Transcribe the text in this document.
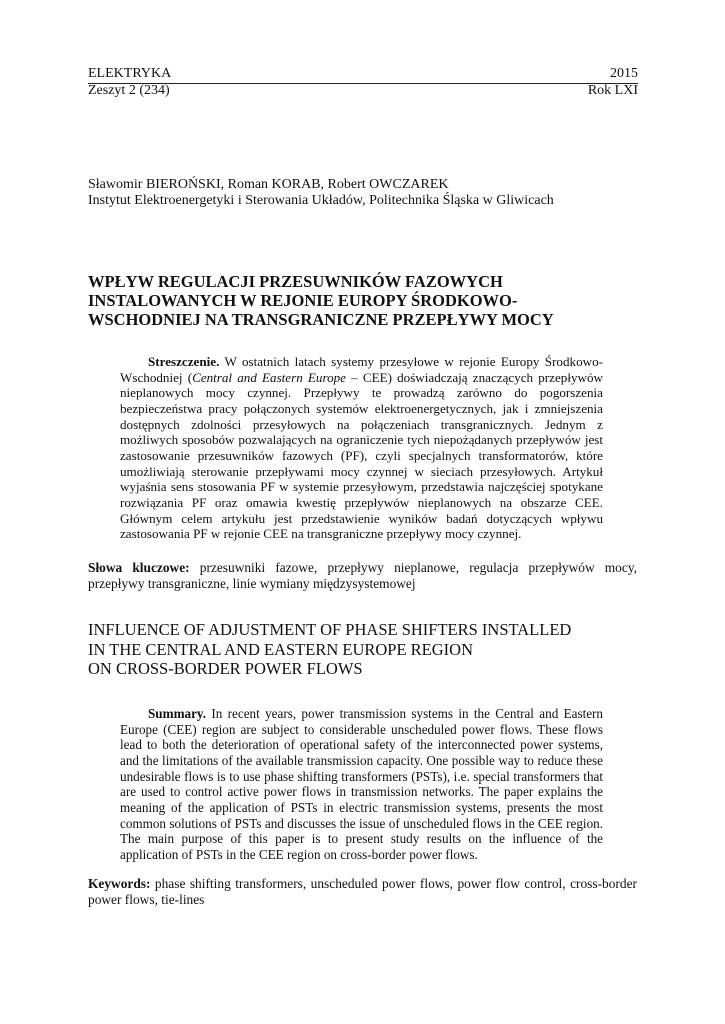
ELEKTRYKA	2015
Zeszyt 2 (234)	Rok LXI
Sławomir BIEROŃSKI, Roman KORAB, Robert OWCZAREK
Instytut Elektroenergetyki i Sterowania Układów, Politechnika Śląska w Gliwicach
WPŁYW REGULACJI PRZESUWNIKÓW FAZOWYCH
INSTALOWANYCH W REJONIE EUROPY ŚRODKOWO-
WSCHODNIEJ NA TRANSGRANICZNE PRZEPŁYWY MOCY
Streszczenie. W ostatnich latach systemy przesyłowe w rejonie Europy Środkowo-Wschodniej (Central and Eastern Europe – CEE) doświadczają znaczących przepływów nieplanowych mocy czynnej. Przepływy te prowadzą zarówno do pogorszenia bezpieczeństwa pracy połączonych systemów elektroenergetycznych, jak i zmniejszenia dostępnych zdolności przesyłowych na połączeniach transgranicznych. Jednym z możliwych sposobów pozwalających na ograniczenie tych niepożądanych przepływów jest zastosowanie przesuwników fazowych (PF), czyli specjalnych transformatorów, które umożliwiają sterowanie przepływami mocy czynnej w sieciach przesyłowych. Artykuł wyjaśnia sens stosowania PF w systemie przesyłowym, przedstawia najczęściej spotykane rozwiązania PF oraz omawia kwestię przepływów nieplanowych na obszarze CEE. Głównym celem artykułu jest przedstawienie wyników badań dotyczących wpływu zastosowania PF w rejonie CEE na transgraniczne przepływy mocy czynnej.
Słowa kluczowe: przesuwniki fazowe, przepływy nieplanowe, regulacja przepływów mocy, przepływy transgraniczne, linie wymiany międzysystemowej
INFLUENCE OF ADJUSTMENT OF PHASE SHIFTERS INSTALLED
IN THE CENTRAL AND EASTERN EUROPE REGION
ON CROSS-BORDER POWER FLOWS
Summary. In recent years, power transmission systems in the Central and Eastern Europe (CEE) region are subject to considerable unscheduled power flows. These flows lead to both the deterioration of operational safety of the interconnected power systems, and the limitations of the available transmission capacity. One possible way to reduce these undesirable flows is to use phase shifting transformers (PSTs), i.e. special transformers that are used to control active power flows in transmission networks. The paper explains the meaning of the application of PSTs in electric transmission systems, presents the most common solutions of PSTs and discusses the issue of unscheduled flows in the CEE region. The main purpose of this paper is to present study results on the influence of the application of PSTs in the CEE region on cross-border power flows.
Keywords: phase shifting transformers, unscheduled power flows, power flow control, cross-border power flows, tie-lines
